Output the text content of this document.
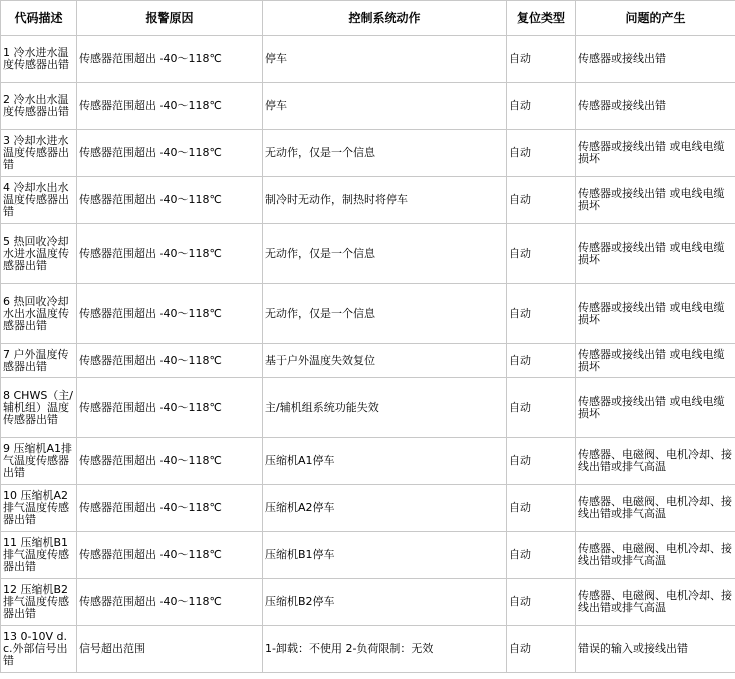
代码描述	报警原因	控制系统动作	复位类型	问题的产生
1 冷水进水温度传感器出错	传感器范围超出 -40～118℃	停车	自动	传感器或接线出错
2 冷水出水温度传感器出错	传感器范围超出 -40～118℃	停车	自动	传感器或接线出错
3 冷却水进水温度传感器出错	传感器范围超出 -40～118℃	无动作，仅是一个信息	自动	传感器或接线出错 或电线电缆损坏
4 冷却水出水温度传感器出错	传感器范围超出 -40～118℃	制冷时无动作，制热时将停车	自动	传感器或接线出错 或电线电缆损坏
5 热回收冷却水进水温度传感器出错	传感器范围超出 -40～118℃	无动作，仅是一个信息	自动	传感器或接线出错 或电线电缆损坏
6 热回收冷却水出水温度传感器出错	传感器范围超出 -40～118℃	无动作，仅是一个信息	自动	传感器或接线出错 或电线电缆损坏
7 户外温度传感器出错	传感器范围超出 -40～118℃	基于户外温度失效复位	自动	传感器或接线出错 或电线电缆损坏
8 CHWS（主/辅机组）温度传感器出错	传感器范围超出 -40～118℃	主/辅机组系统功能失效	自动	传感器或接线出错 或电线电缆损坏
9 压缩机A1排气温度传感器出错	传感器范围超出 -40～118℃	压缩机A1停车	自动	传感器、电磁阀、电机冷却、接线出错或排气高温
10 压缩机A2排气温度传感器出错	传感器范围超出 -40～118℃	压缩机A2停车	自动	传感器、电磁阀、电机冷却、接线出错或排气高温
11 压缩机B1排气温度传感器出错	传感器范围超出 -40～118℃	压缩机B1停车	自动	传感器、电磁阀、电机冷却、接线出错或排气高温
12 压缩机B2排气温度传感器出错	传感器范围超出 -40～118℃	压缩机B2停车	自动	传感器、电磁阀、电机冷却、接线出错或排气高温
13 0-10V d.c.外部信号出错	信号超出范围	1-卸载：不使用 2-负荷限制：无效	自动	错误的输入或接线出错
